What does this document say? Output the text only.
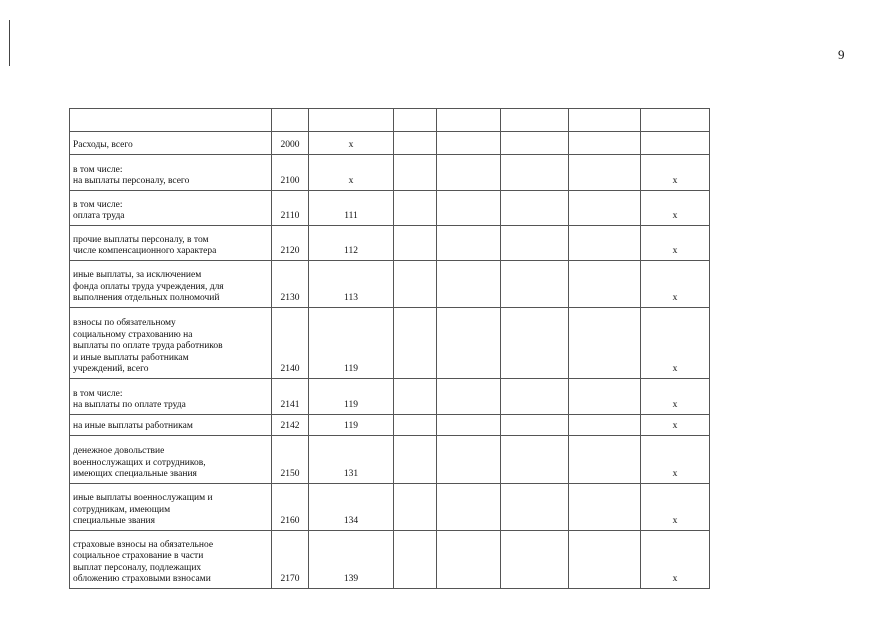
9

Расходы, всего	2000	х					

в том числе:
на выплаты персоналу, всего	2100	х					х

в том числе:
оплата труда	2110	111					х

прочие выплаты персоналу, в том
числе компенсационного характера	2120	112					х

иные выплаты, за исключением
фонда оплаты труда учреждения, для
выполнения отдельных полномочий	2130	113					х

взносы по обязательному
социальному страхованию на
выплаты по оплате труда работников
и иные выплаты работникам
учреждений, всего	2140	119					х

в том числе:
на выплаты по оплате труда	2141	119					х
на иные выплаты работникам	2142	119					х

денежное довольствие
военнослужащих и сотрудников,
имеющих специальные звания	2150	131					х

иные выплаты военнослужащим и
сотрудникам, имеющим
специальные звания	2160	134					х

страховые взносы на обязательное
социальное страхование в части
выплат персоналу, подлежащих
обложению страховыми взносами	2170	139					х
